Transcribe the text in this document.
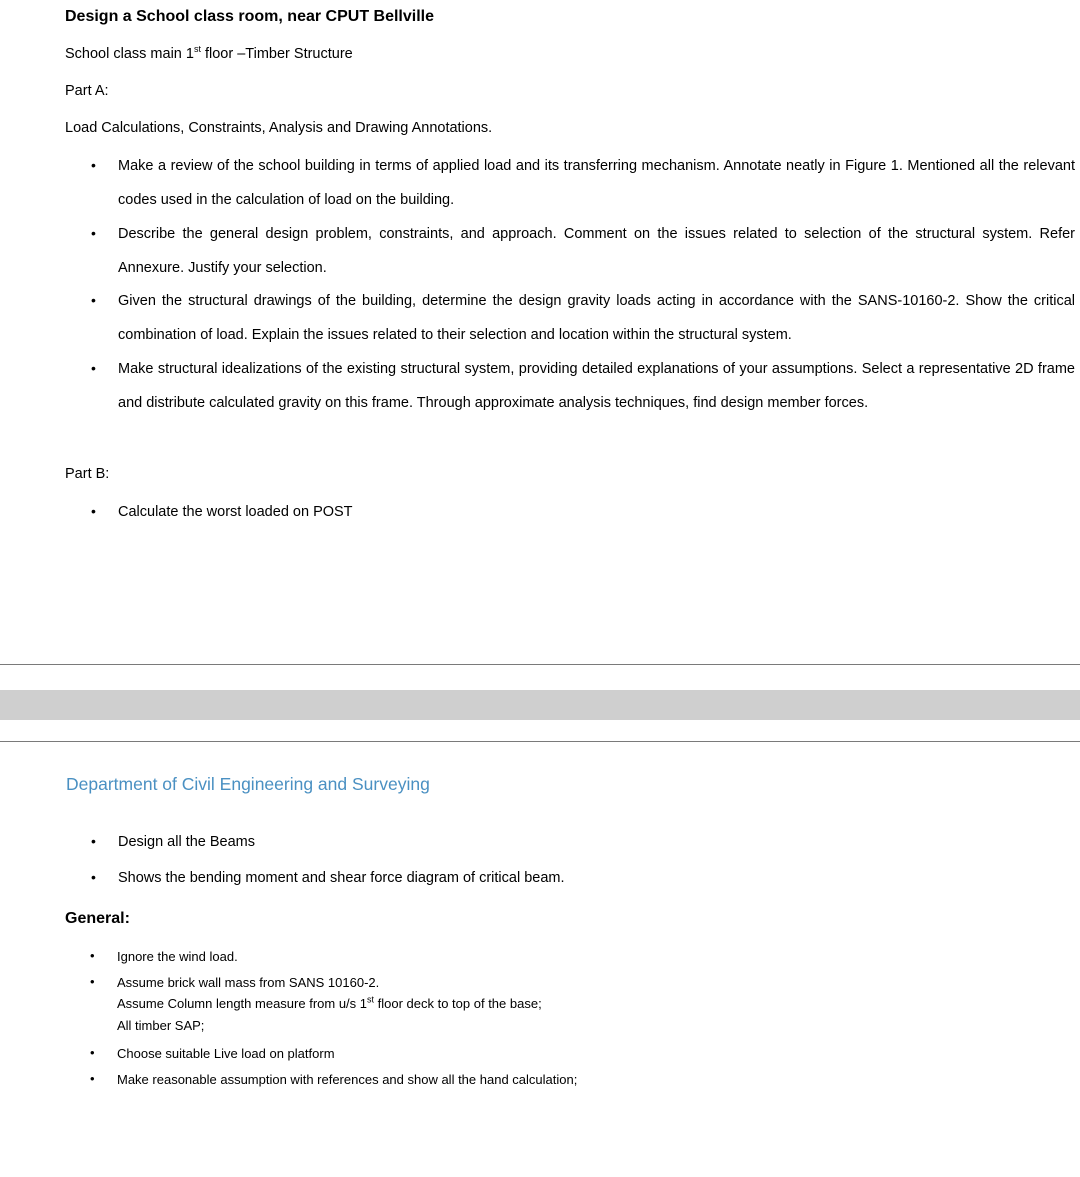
Design a School class room, near CPUT Bellville
School class main 1st floor –Timber Structure
Part A:
Load Calculations, Constraints, Analysis and Drawing Annotations.
• Make a review of the school building in terms of applied load and its transferring mechanism. Annotate neatly in Figure 1. Mentioned all the relevant codes used in the calculation of load on the building.
• Describe the general design problem, constraints, and approach. Comment on the issues related to selection of the structural system. Refer Annexure. Justify your selection.
• Given the structural drawings of the building, determine the design gravity loads acting in accordance with the SANS-10160-2. Show the critical combination of load. Explain the issues related to their selection and location within the structural system.
• Make structural idealizations of the existing structural system, providing detailed explanations of your assumptions. Select a representative 2D frame and distribute calculated gravity on this frame. Through approximate analysis techniques, find design member forces.
Part B:
• Calculate the worst loaded on POST
Department of Civil Engineering and Surveying
• Design all the Beams
• Shows the bending moment and shear force diagram of critical beam.
General:
• Ignore the wind load.
• Assume brick wall mass from SANS 10160-2.
Assume Column length measure from u/s 1st floor deck to top of the base;
All timber SAP;
• Choose suitable Live load on platform
• Make reasonable assumption with references and show all the hand calculation;
